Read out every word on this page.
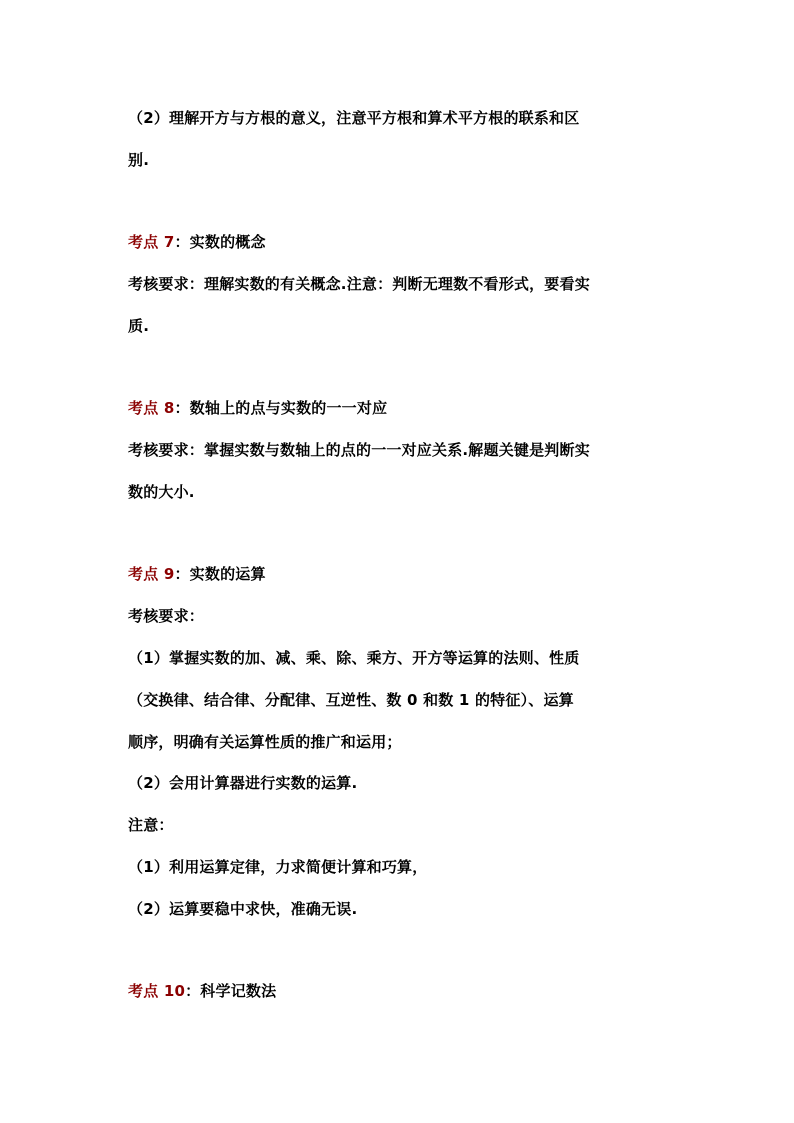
（2）理解开方与方根的意义，注意平方根和算术平方根的联系和区
别.
考点 7：实数的概念
考核要求：理解实数的有关概念.注意：判断无理数不看形式，要看实
质.
考点 8：数轴上的点与实数的一一对应
考核要求：掌握实数与数轴上的点的一一对应关系.解题关键是判断实
数的大小.
考点 9：实数的运算
考核要求：
（1）掌握实数的加、减、乘、除、乘方、开方等运算的法则、性质
（交换律、结合律、分配律、互逆性、数 0 和数 1 的特征）、运算
顺序，明确有关运算性质的推广和运用；
（2）会用计算器进行实数的运算.
注意：
（1）利用运算定律，力求简便计算和巧算，
（2）运算要稳中求快，准确无误.
考点 10：科学记数法
